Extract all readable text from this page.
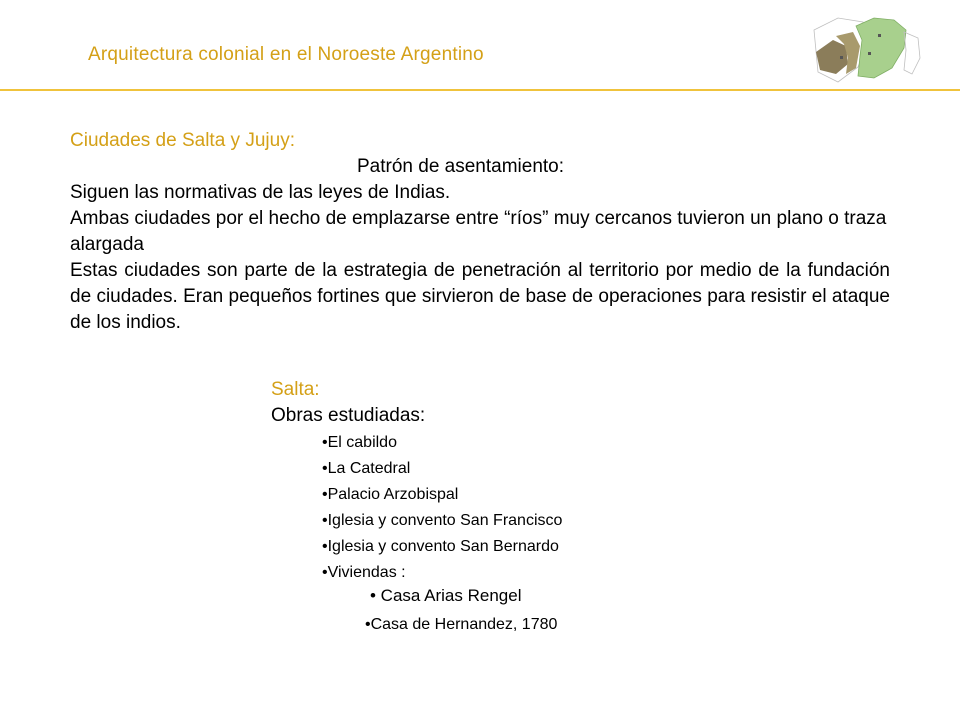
Arquitectura colonial en el Noroeste Argentino

Ciudades de Salta y Jujuy:

Patrón de asentamiento:

Siguen las normativas de las leyes de Indias.

Ambas ciudades por el hecho de emplazarse entre “ríos” muy cercanos tuvieron un plano o traza alargada

Estas ciudades son parte de la estrategia de penetración al territorio por medio de la fundación de ciudades. Eran pequeños fortines que sirvieron de base de operaciones para resistir el ataque de los indios.

Salta:
Obras estudiadas:
•El cabildo
•La Catedral
•Palacio Arzobispal
•Iglesia y convento San Francisco
•Iglesia y convento San Bernardo
•Viviendas :
• Casa Arias Rengel
•Casa de Hernandez, 1780
